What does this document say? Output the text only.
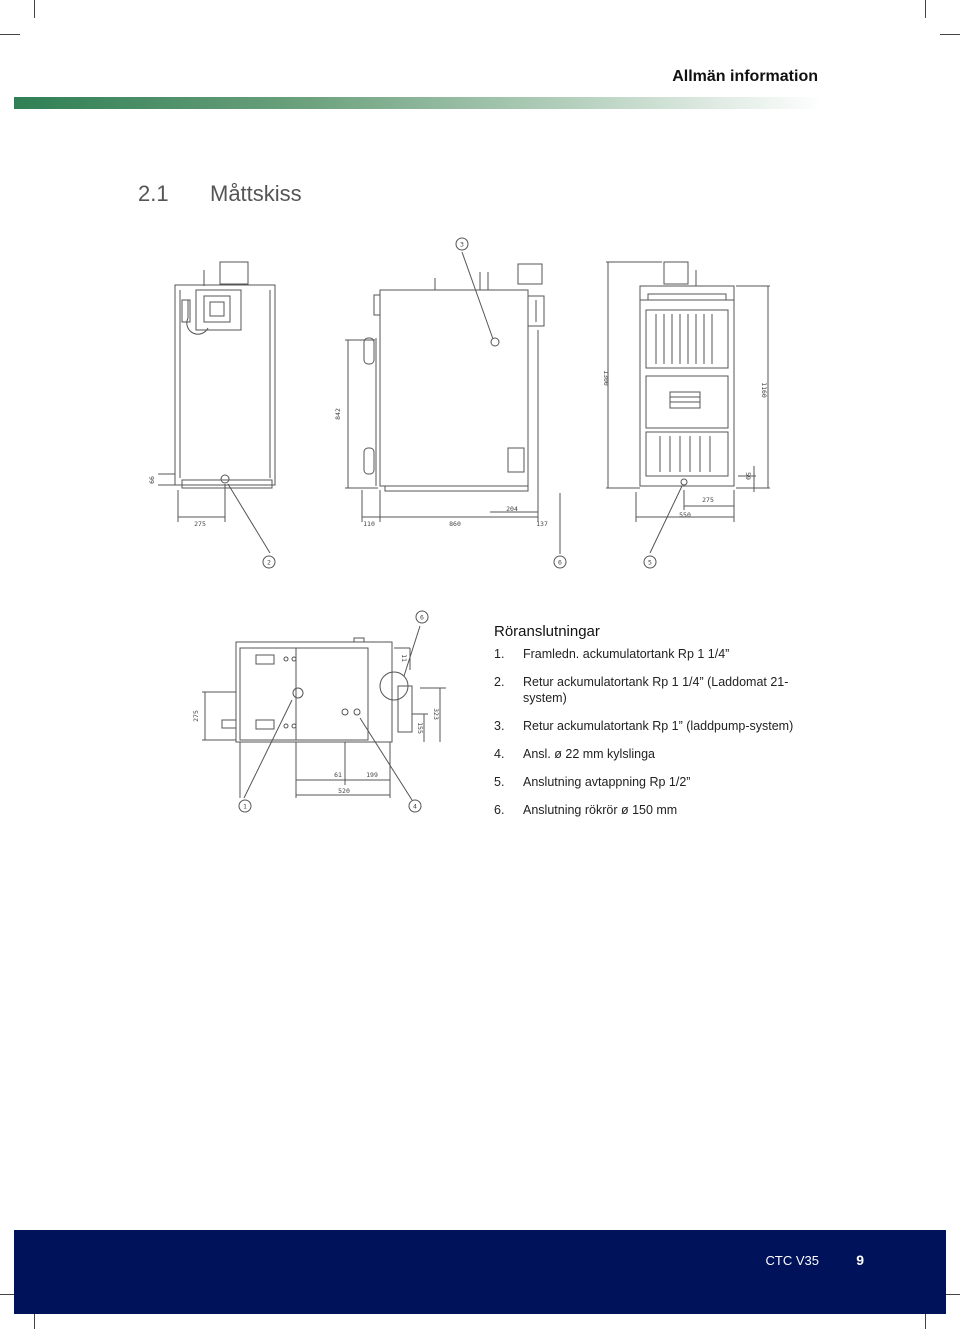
Allmän information
2.1 Måttskiss
3
2	6	5
6
1	4
66
275
842
110	860
204
137
1300
1160
59
275
550
275
11
155
323
61	199
520
Röranslutningar
1.	Framledn. ackumulatortank Rp 1 1/4”
2.	Retur ackumulatortank Rp 1 1/4” (Laddomat 21-system)
3.	Retur ackumulatortank Rp 1” (laddpump-system)
4.	Ansl. ø 22 mm kylslinga
5.	Anslutning avtappning Rp 1/2”
6.	Anslutning rökrör ø 150 mm
CTC V35	9
